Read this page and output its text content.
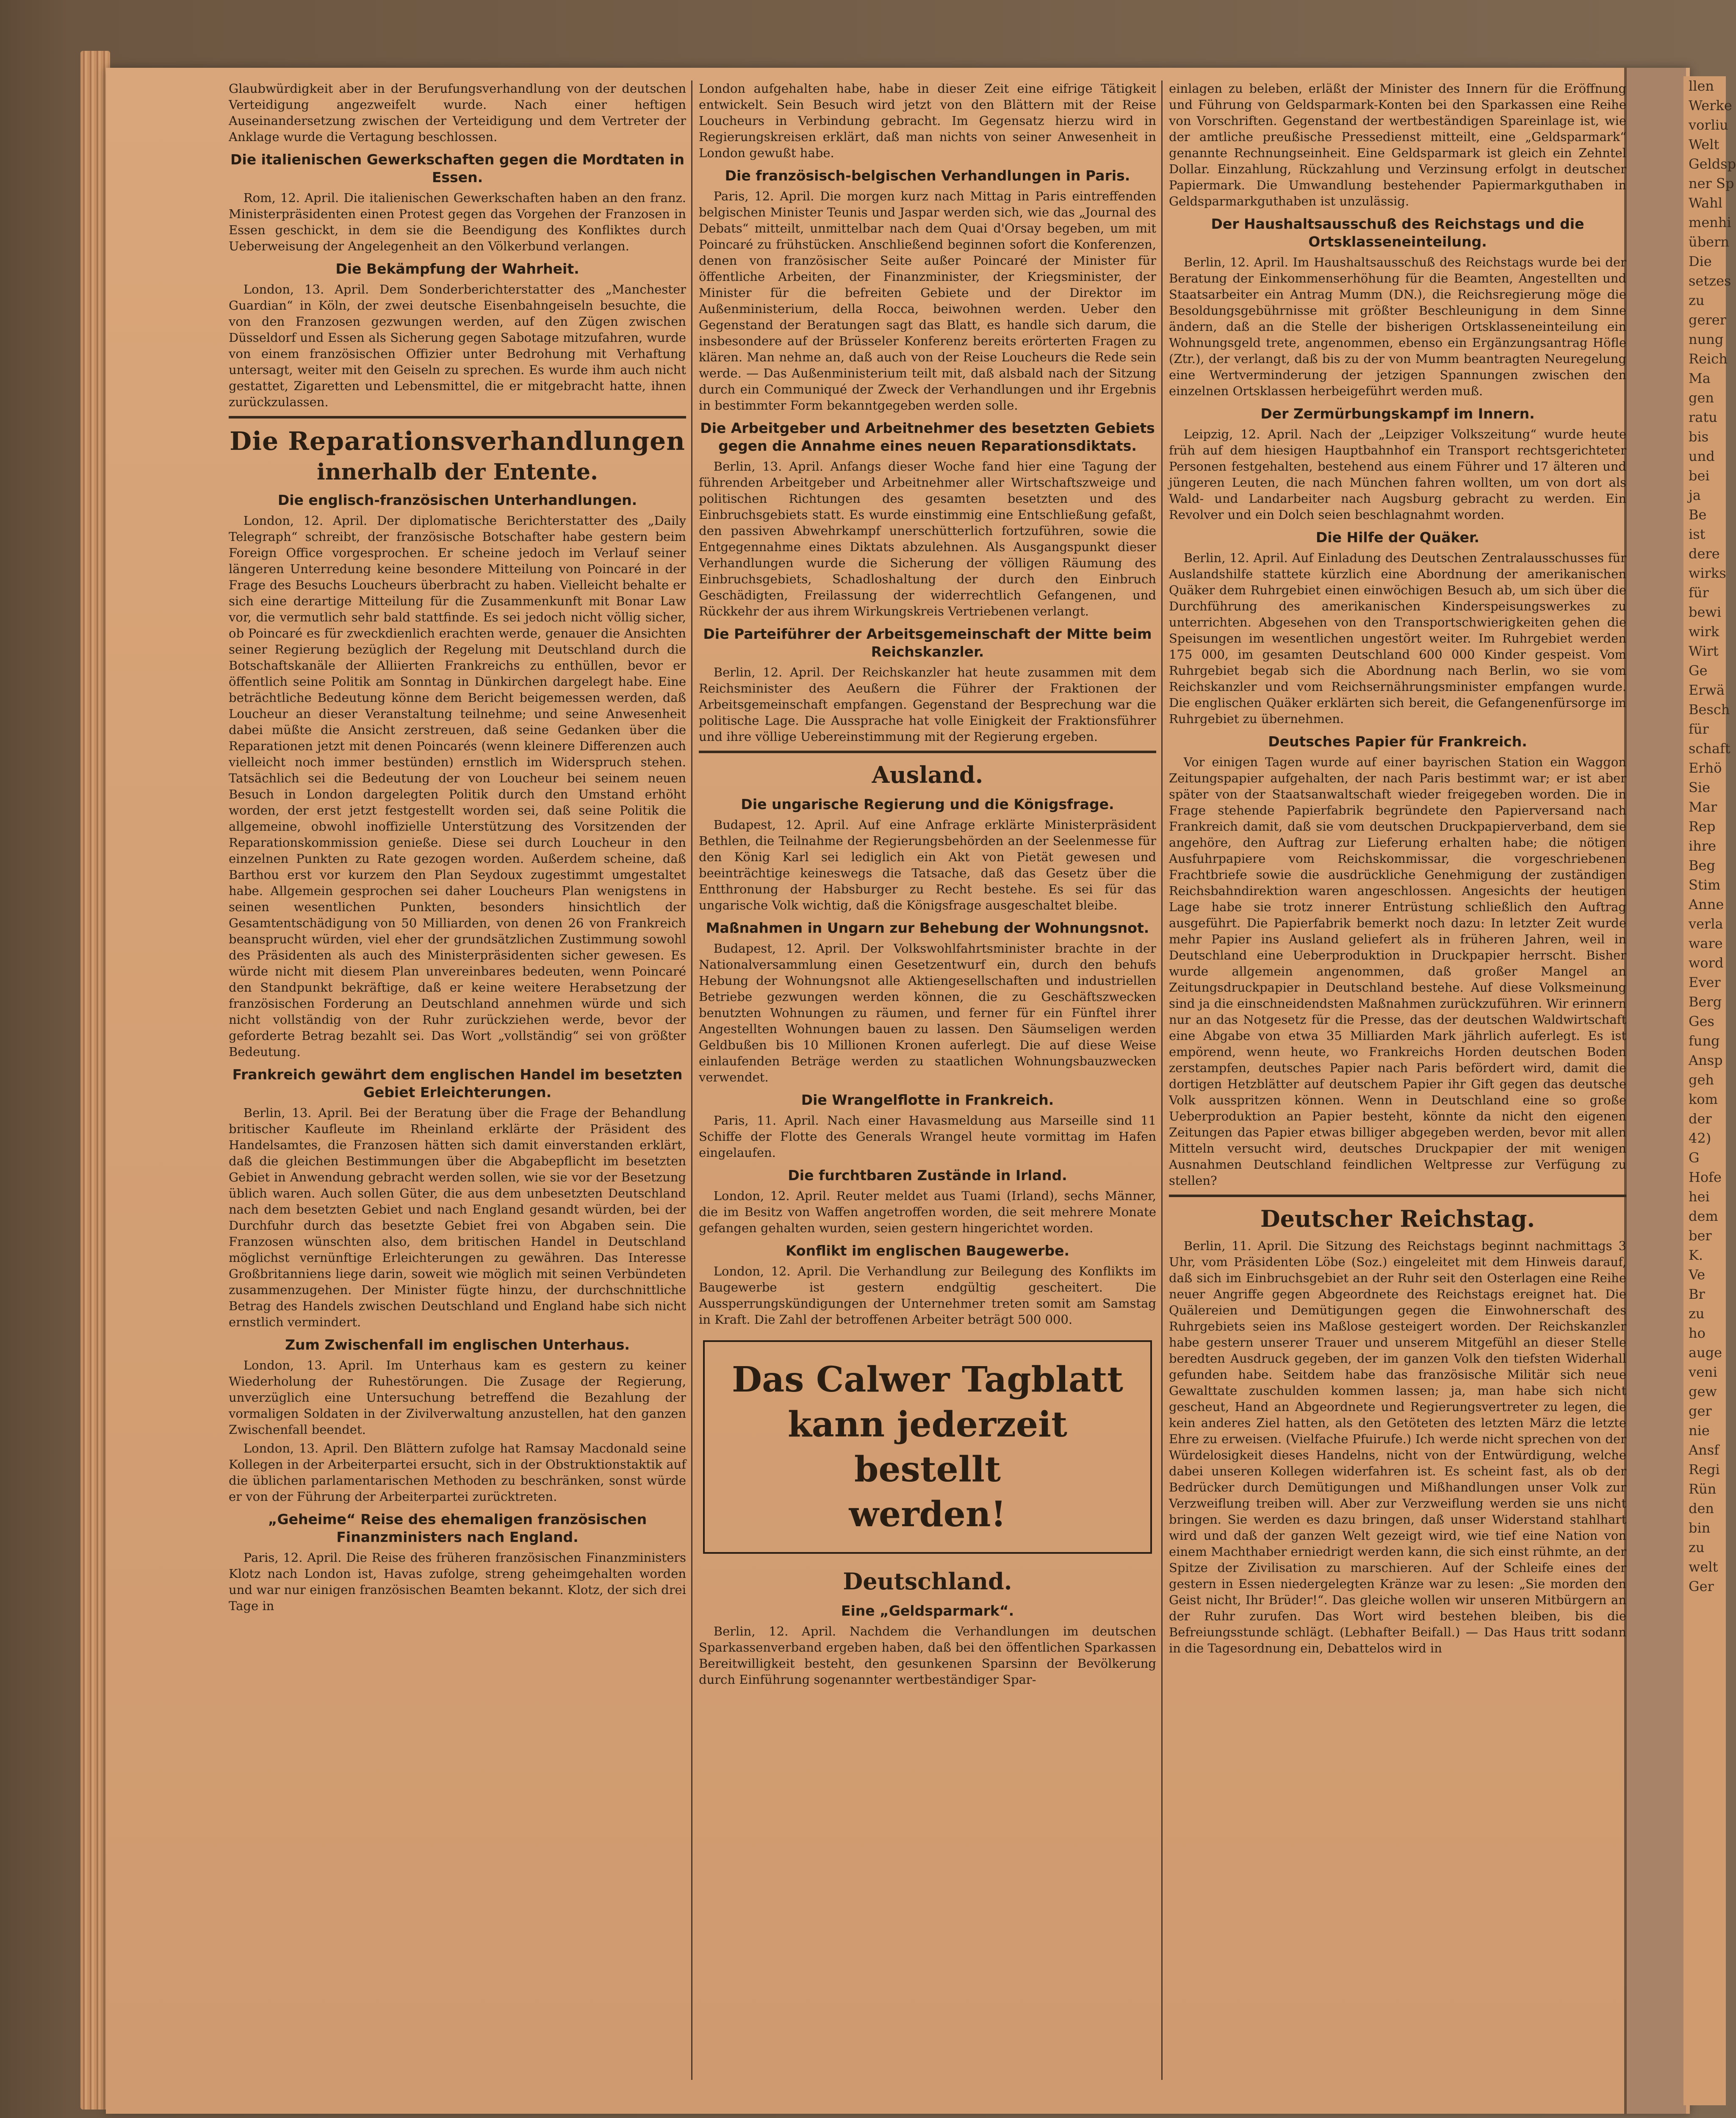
llen
Werke
vorliu
Welt
Geldsp
ner Sp
Wahl
menhi
übern
Die
setzes
zu
gerer
nung
Reich
Ma
gen
ratu
bis
und
bei
ja
Be
ist
dere
wirks
für
bewi
wirk
Wirt
Ge
Erwä
Besch
für
schaft
Erhö
Sie
Mar
Rep
ihre
Beg
Stim
Anne
verla
ware
word
Ever
Berg
Ges
fung
Ansp
geh
kom
der
42)
G
Hofe
hei
dem
ber
K.
Ve
Br
zu
ho
auge
veni
gew
ger
nie
Ansf
Regi
Rün
den
bin
zu
welt
Ger

Glaubwürdigkeit aber in der Berufungsverhandlung von der deutschen Verteidigung angezweifelt wurde. Nach einer heftigen Auseinandersetzung zwischen der Verteidigung und dem Vertreter der Anklage wurde die Vertagung beschlossen.

Die italienischen Gewerkschaften gegen die Mordtaten in Essen.

Rom, 12. April. Die italienischen Gewerkschaften haben an den franz. Ministerpräsidenten einen Protest gegen das Vorgehen der Franzosen in Essen geschickt, in dem sie die Beendigung des Konfliktes durch Ueberweisung der Angelegenheit an den Völkerbund verlangen.

Die Bekämpfung der Wahrheit.

London, 13. April. Dem Sonderberichterstatter des „Manchester Guardian“ in Köln, der zwei deutsche Eisenbahngeiseln besuchte, die von den Franzosen gezwungen werden, auf den Zügen zwischen Düsseldorf und Essen als Sicherung gegen Sabotage mitzufahren, wurde von einem französischen Offizier unter Bedrohung mit Verhaftung untersagt, weiter mit den Geiseln zu sprechen. Es wurde ihm auch nicht gestattet, Zigaretten und Lebensmittel, die er mitgebracht hatte, ihnen zurückzulassen.

Die Reparationsverhandlungen
innerhalb der Entente.
Die englisch-französischen Unterhandlungen.

London, 12. April. Der diplomatische Berichterstatter des „Daily Telegraph“ schreibt, der französische Botschafter habe gestern beim Foreign Office vorgesprochen. Er scheine jedoch im Verlauf seiner längeren Unterredung keine besondere Mitteilung von Poincaré in der Frage des Besuchs Loucheurs überbracht zu haben. Vielleicht behalte er sich eine derartige Mitteilung für die Zusammenkunft mit Bonar Law vor, die vermutlich sehr bald stattfinde. Es sei jedoch nicht völlig sicher, ob Poincaré es für zweckdienlich erachten werde, genauer die Ansichten seiner Regierung bezüglich der Regelung mit Deutschland durch die Botschaftskanäle der Alliierten Frankreichs zu enthüllen, bevor er öffentlich seine Politik am Sonntag in Dünkirchen dargelegt habe. Eine beträchtliche Bedeutung könne dem Bericht beigemessen werden, daß Loucheur an dieser Veranstaltung teilnehme; und seine Anwesenheit dabei müßte die Ansicht zerstreuen, daß seine Gedanken über die Reparationen jetzt mit denen Poincarés (wenn kleinere Differenzen auch vielleicht noch immer bestünden) ernstlich im Widerspruch stehen. Tatsächlich sei die Bedeutung der von Loucheur bei seinem neuen Besuch in London dargelegten Politik durch den Umstand erhöht worden, der erst jetzt festgestellt worden sei, daß seine Politik die allgemeine, obwohl inoffizielle Unterstützung des Vorsitzenden der Reparationskommission genieße. Diese sei durch Loucheur in den einzelnen Punkten zu Rate gezogen worden. Außerdem scheine, daß Barthou erst vor kurzem den Plan Seydoux zugestimmt umgestaltet habe. Allgemein gesprochen sei daher Loucheurs Plan wenigstens in seinen wesentlichen Punkten, besonders hinsichtlich der Gesamtentschädigung von 50 Milliarden, von denen 26 von Frankreich beansprucht würden, viel eher der grundsätzlichen Zustimmung sowohl des Präsidenten als auch des Ministerpräsidenten sicher gewesen. Es würde nicht mit diesem Plan unvereinbares bedeuten, wenn Poincaré den Standpunkt bekräftige, daß er keine weitere Herabsetzung der französischen Forderung an Deutschland annehmen würde und sich nicht vollständig von der Ruhr zurückziehen werde, bevor der geforderte Betrag bezahlt sei. Das Wort „vollständig“ sei von größter Bedeutung.

Frankreich gewährt dem englischen Handel im besetzten Gebiet Erleichterungen.

Berlin, 13. April. Bei der Beratung über die Frage der Behandlung britischer Kaufleute im Rheinland erklärte der Präsident des Handelsamtes, die Franzosen hätten sich damit einverstanden erklärt, daß die gleichen Bestimmungen über die Abgabepflicht im besetzten Gebiet in Anwendung gebracht werden sollen, wie sie vor der Besetzung üblich waren. Auch sollen Güter, die aus dem unbesetzten Deutschland nach dem besetzten Gebiet und nach England gesandt würden, bei der Durchfuhr durch das besetzte Gebiet frei von Abgaben sein. Die Franzosen wünschten also, dem britischen Handel in Deutschland möglichst vernünftige Erleichterungen zu gewähren. Das Interesse Großbritanniens liege darin, soweit wie möglich mit seinen Verbündeten zusammenzugehen. Der Minister fügte hinzu, der durchschnittliche Betrag des Handels zwischen Deutschland und England habe sich nicht ernstlich vermindert.

Zum Zwischenfall im englischen Unterhaus.

London, 13. April. Im Unterhaus kam es gestern zu keiner Wiederholung der Ruhestörungen. Die Zusage der Regierung, unverzüglich eine Untersuchung betreffend die Bezahlung der vormaligen Soldaten in der Zivilverwaltung anzustellen, hat den ganzen Zwischenfall beendet.

London, 13. April. Den Blättern zufolge hat Ramsay Macdonald seine Kollegen in der Arbeiterpartei ersucht, sich in der Obstruktionstaktik auf die üblichen parlamentarischen Methoden zu beschränken, sonst würde er von der Führung der Arbeiterpartei zurücktreten.

„Geheime“ Reise des ehemaligen französischen Finanzministers nach England.

Paris, 12. April. Die Reise des früheren französischen Finanzministers Klotz nach London ist, Havas zufolge, streng geheimgehalten worden und war nur einigen französischen Beamten bekannt. Klotz, der sich drei Tage in

London aufgehalten habe, habe in dieser Zeit eine eifrige Tätigkeit entwickelt. Sein Besuch wird jetzt von den Blättern mit der Reise Loucheurs in Verbindung gebracht. Im Gegensatz hierzu wird in Regierungskreisen erklärt, daß man nichts von seiner Anwesenheit in London gewußt habe.

Die französisch-belgischen Verhandlungen in Paris.

Paris, 12. April. Die morgen kurz nach Mittag in Paris eintreffenden belgischen Minister Teunis und Jaspar werden sich, wie das „Journal des Debats“ mitteilt, unmittelbar nach dem Quai d'Orsay begeben, um mit Poincaré zu frühstücken. Anschließend beginnen sofort die Konferenzen, denen von französischer Seite außer Poincaré der Minister für öffentliche Arbeiten, der Finanzminister, der Kriegsminister, der Minister für die befreiten Gebiete und der Direktor im Außenministerium, della Rocca, beiwohnen werden. Ueber den Gegenstand der Beratungen sagt das Blatt, es handle sich darum, die insbesondere auf der Brüsseler Konferenz bereits erörterten Fragen zu klären. Man nehme an, daß auch von der Reise Loucheurs die Rede sein werde. — Das Außenministerium teilt mit, daß alsbald nach der Sitzung durch ein Communiqué der Zweck der Verhandlungen und ihr Ergebnis in bestimmter Form bekanntgegeben werden solle.

Die Arbeitgeber und Arbeitnehmer des besetzten Gebiets gegen die Annahme eines neuen Reparationsdiktats.

Berlin, 13. April. Anfangs dieser Woche fand hier eine Tagung der führenden Arbeitgeber und Arbeitnehmer aller Wirtschaftszweige und politischen Richtungen des gesamten besetzten und des Einbruchsgebiets statt. Es wurde einstimmig eine Entschließung gefaßt, den passiven Abwehrkampf unerschütterlich fortzuführen, sowie die Entgegennahme eines Diktats abzulehnen. Als Ausgangspunkt dieser Verhandlungen wurde die Sicherung der völligen Räumung des Einbruchsgebiets, Schadloshaltung der durch den Einbruch Geschädigten, Freilassung der widerrechtlich Gefangenen, und Rückkehr der aus ihrem Wirkungskreis Vertriebenen verlangt.

Die Parteiführer der Arbeitsgemeinschaft der Mitte beim Reichskanzler.

Berlin, 12. April. Der Reichskanzler hat heute zusammen mit dem Reichsminister des Aeußern die Führer der Fraktionen der Arbeitsgemeinschaft empfangen. Gegenstand der Besprechung war die politische Lage. Die Aussprache hat volle Einigkeit der Fraktionsführer und ihre völlige Uebereinstimmung mit der Regierung ergeben.

Ausland.
Die ungarische Regierung und die Königsfrage.

Budapest, 12. April. Auf eine Anfrage erklärte Ministerpräsident Bethlen, die Teilnahme der Regierungsbehörden an der Seelenmesse für den König Karl sei lediglich ein Akt von Pietät gewesen und beeinträchtige keineswegs die Tatsache, daß das Gesetz über die Entthronung der Habsburger zu Recht bestehe. Es sei für das ungarische Volk wichtig, daß die Königsfrage ausgeschaltet bleibe.

Maßnahmen in Ungarn zur Behebung der Wohnungsnot.

Budapest, 12. April. Der Volkswohlfahrtsminister brachte in der Nationalversammlung einen Gesetzentwurf ein, durch den behufs Hebung der Wohnungsnot alle Aktiengesellschaften und industriellen Betriebe gezwungen werden können, die zu Geschäftszwecken benutzten Wohnungen zu räumen, und ferner für ein Fünftel ihrer Angestellten Wohnungen bauen zu lassen. Den Säumseligen werden Geldbußen bis 10 Millionen Kronen auferlegt. Die auf diese Weise einlaufenden Beträge werden zu staatlichen Wohnungsbauzwecken verwendet.

Die Wrangelflotte in Frankreich.

Paris, 11. April. Nach einer Havasmeldung aus Marseille sind 11 Schiffe der Flotte des Generals Wrangel heute vormittag im Hafen eingelaufen.

Die furchtbaren Zustände in Irland.

London, 12. April. Reuter meldet aus Tuami (Irland), sechs Männer, die im Besitz von Waffen angetroffen worden, die seit mehrere Monate gefangen gehalten wurden, seien gestern hingerichtet worden.

Konflikt im englischen Baugewerbe.

London, 12. April. Die Verhandlung zur Beilegung des Konflikts im Baugewerbe ist gestern endgültig gescheitert. Die Aussperrungskündigungen der Unternehmer treten somit am Samstag in Kraft. Die Zahl der betroffenen Arbeiter beträgt 500 000.

Das Calwer Tagblatt
kann jederzeit bestellt
werden!
Deutschland.
Eine „Geldsparmark“.

Berlin, 12. April. Nachdem die Verhandlungen im deutschen Sparkassenverband ergeben haben, daß bei den öffentlichen Sparkassen Bereitwilligkeit besteht, den gesunkenen Sparsinn der Bevölkerung durch Einführung sogenannter wertbeständiger Spar-

einlagen zu beleben, erläßt der Minister des Innern für die Eröffnung und Führung von Geldsparmark-Konten bei den Sparkassen eine Reihe von Vorschriften. Gegenstand der wertbeständigen Spareinlage ist, wie der amtliche preußische Pressedienst mitteilt, eine „Geldsparmark“ genannte Rechnungseinheit. Eine Geldsparmark ist gleich ein Zehntel Dollar. Einzahlung, Rückzahlung und Verzinsung erfolgt in deutscher Papiermark. Die Umwandlung bestehender Papiermarkguthaben in Geldsparmarkguthaben ist unzulässig.

Der Haushaltsausschuß des Reichstags und die Ortsklasseneinteilung.

Berlin, 12. April. Im Haushaltsausschuß des Reichstags wurde bei der Beratung der Einkommenserhöhung für die Beamten, Angestellten und Staatsarbeiter ein Antrag Mumm (DN.), die Reichsregierung möge die Besoldungsgebührnisse mit größter Beschleunigung in dem Sinne ändern, daß an die Stelle der bisherigen Ortsklasseneinteilung ein Wohnungsgeld trete, angenommen, ebenso ein Ergänzungsantrag Höfle (Ztr.), der verlangt, daß bis zu der von Mumm beantragten Neuregelung eine Wertverminderung der jetzigen Spannungen zwischen den einzelnen Ortsklassen herbeigeführt werden muß.

Der Zermürbungskampf im Innern.

Leipzig, 12. April. Nach der „Leipziger Volkszeitung“ wurde heute früh auf dem hiesigen Hauptbahnhof ein Transport rechtsgerichteter Personen festgehalten, bestehend aus einem Führer und 17 älteren und jüngeren Leuten, die nach München fahren wollten, um von dort als Wald- und Landarbeiter nach Augsburg gebracht zu werden. Ein Revolver und ein Dolch seien beschlagnahmt worden.

Die Hilfe der Quäker.

Berlin, 12. April. Auf Einladung des Deutschen Zentralausschusses für Auslandshilfe stattete kürzlich eine Abordnung der amerikanischen Quäker dem Ruhrgebiet einen einwöchigen Besuch ab, um sich über die Durchführung des amerikanischen Kinderspeisungswerkes zu unterrichten. Abgesehen von den Transportschwierigkeiten gehen die Speisungen im wesentlichen ungestört weiter. Im Ruhrgebiet werden 175 000, im gesamten Deutschland 600 000 Kinder gespeist. Vom Ruhrgebiet begab sich die Abordnung nach Berlin, wo sie vom Reichskanzler und vom Reichsernährungsminister empfangen wurde. Die englischen Quäker erklärten sich bereit, die Gefangenenfürsorge im Ruhrgebiet zu übernehmen.

Deutsches Papier für Frankreich.

Vor einigen Tagen wurde auf einer bayrischen Station ein Waggon Zeitungspapier aufgehalten, der nach Paris bestimmt war; er ist aber später von der Staatsanwaltschaft wieder freigegeben worden. Die in Frage stehende Papierfabrik begründete den Papierversand nach Frankreich damit, daß sie vom deutschen Druckpapierverband, dem sie angehöre, den Auftrag zur Lieferung erhalten habe; die nötigen Ausfuhrpapiere vom Reichskommissar, die vorgeschriebenen Frachtbriefe sowie die ausdrückliche Genehmigung der zuständigen Reichsbahndirektion waren angeschlossen. Angesichts der heutigen Lage habe sie trotz innerer Entrüstung schließlich den Auftrag ausgeführt. Die Papierfabrik bemerkt noch dazu: In letzter Zeit wurde mehr Papier ins Ausland geliefert als in früheren Jahren, weil in Deutschland eine Ueberproduktion in Druckpapier herrscht. Bisher wurde allgemein angenommen, daß großer Mangel an Zeitungsdruckpapier in Deutschland bestehe. Auf diese Volksmeinung sind ja die einschneidendsten Maßnahmen zurückzuführen. Wir erinnern nur an das Notgesetz für die Presse, das der deutschen Waldwirtschaft eine Abgabe von etwa 35 Milliarden Mark jährlich auferlegt. Es ist empörend, wenn heute, wo Frankreichs Horden deutschen Boden zerstampfen, deutsches Papier nach Paris befördert wird, damit die dortigen Hetzblätter auf deutschem Papier ihr Gift gegen das deutsche Volk ausspritzen können. Wenn in Deutschland eine so große Ueberproduktion an Papier besteht, könnte da nicht den eigenen Zeitungen das Papier etwas billiger abgegeben werden, bevor mit allen Mitteln versucht wird, deutsches Druckpapier der mit wenigen Ausnahmen Deutschland feindlichen Weltpresse zur Verfügung zu stellen?

Deutscher Reichstag.

Berlin, 11. April. Die Sitzung des Reichstags beginnt nachmittags 3 Uhr, vom Präsidenten Löbe (Soz.) eingeleitet mit dem Hinweis darauf, daß sich im Einbruchsgebiet an der Ruhr seit den Osterlagen eine Reihe neuer Angriffe gegen Abgeordnete des Reichstags ereignet hat. Die Quälereien und Demütigungen gegen die Einwohnerschaft des Ruhrgebiets seien ins Maßlose gesteigert worden. Der Reichskanzler habe gestern unserer Trauer und unserem Mitgefühl an dieser Stelle beredten Ausdruck gegeben, der im ganzen Volk den tiefsten Widerhall gefunden habe. Seitdem habe das französische Militär sich neue Gewalttate zuschulden kommen lassen; ja, man habe sich nicht gescheut, Hand an Abgeordnete und Regierungsvertreter zu legen, die kein anderes Ziel hatten, als den Getöteten des letzten März die letzte Ehre zu erweisen. (Vielfache Pfuirufe.) Ich werde nicht sprechen von der Würdelosigkeit dieses Handelns, nicht von der Entwürdigung, welche dabei unseren Kollegen widerfahren ist. Es scheint fast, als ob der Bedrücker durch Demütigungen und Mißhandlungen unser Volk zur Verzweiflung treiben will. Aber zur Verzweiflung werden sie uns nicht bringen. Sie werden es dazu bringen, daß unser Widerstand stahlhart wird und daß der ganzen Welt gezeigt wird, wie tief eine Nation von einem Machthaber erniedrigt werden kann, die sich einst rühmte, an der Spitze der Zivilisation zu marschieren. Auf der Schleife eines der gestern in Essen niedergelegten Kränze war zu lesen: „Sie morden den Geist nicht, Ihr Brüder!“. Das gleiche wollen wir unseren Mitbürgern an der Ruhr zurufen. Das Wort wird bestehen bleiben, bis die Befreiungsstunde schlägt. (Lebhafter Beifall.) — Das Haus tritt sodann in die Tagesordnung ein, Debattelos wird in
